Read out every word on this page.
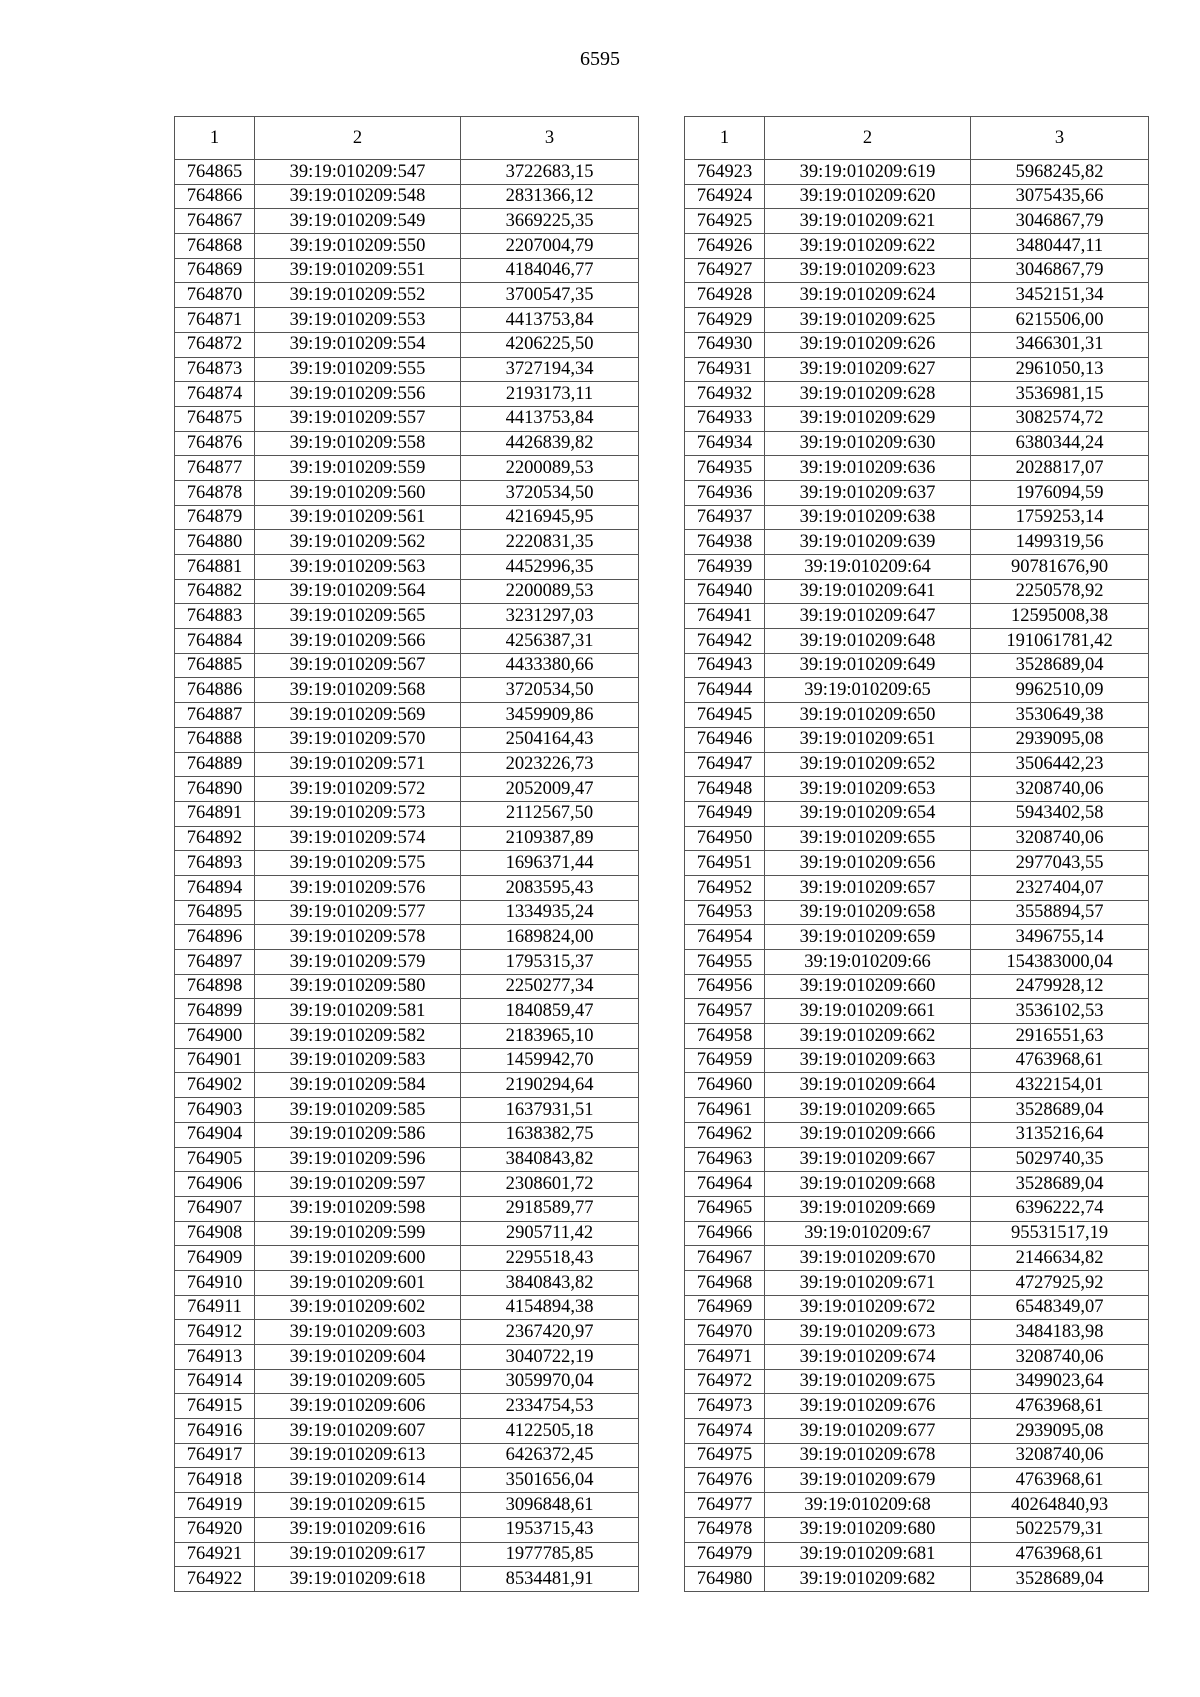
6595
1	2	3
764865	39:19:010209:547	3722683,15
764866	39:19:010209:548	2831366,12
764867	39:19:010209:549	3669225,35
764868	39:19:010209:550	2207004,79
764869	39:19:010209:551	4184046,77
764870	39:19:010209:552	3700547,35
764871	39:19:010209:553	4413753,84
764872	39:19:010209:554	4206225,50
764873	39:19:010209:555	3727194,34
764874	39:19:010209:556	2193173,11
764875	39:19:010209:557	4413753,84
764876	39:19:010209:558	4426839,82
764877	39:19:010209:559	2200089,53
764878	39:19:010209:560	3720534,50
764879	39:19:010209:561	4216945,95
764880	39:19:010209:562	2220831,35
764881	39:19:010209:563	4452996,35
764882	39:19:010209:564	2200089,53
764883	39:19:010209:565	3231297,03
764884	39:19:010209:566	4256387,31
764885	39:19:010209:567	4433380,66
764886	39:19:010209:568	3720534,50
764887	39:19:010209:569	3459909,86
764888	39:19:010209:570	2504164,43
764889	39:19:010209:571	2023226,73
764890	39:19:010209:572	2052009,47
764891	39:19:010209:573	2112567,50
764892	39:19:010209:574	2109387,89
764893	39:19:010209:575	1696371,44
764894	39:19:010209:576	2083595,43
764895	39:19:010209:577	1334935,24
764896	39:19:010209:578	1689824,00
764897	39:19:010209:579	1795315,37
764898	39:19:010209:580	2250277,34
764899	39:19:010209:581	1840859,47
764900	39:19:010209:582	2183965,10
764901	39:19:010209:583	1459942,70
764902	39:19:010209:584	2190294,64
764903	39:19:010209:585	1637931,51
764904	39:19:010209:586	1638382,75
764905	39:19:010209:596	3840843,82
764906	39:19:010209:597	2308601,72
764907	39:19:010209:598	2918589,77
764908	39:19:010209:599	2905711,42
764909	39:19:010209:600	2295518,43
764910	39:19:010209:601	3840843,82
764911	39:19:010209:602	4154894,38
764912	39:19:010209:603	2367420,97
764913	39:19:010209:604	3040722,19
764914	39:19:010209:605	3059970,04
764915	39:19:010209:606	2334754,53
764916	39:19:010209:607	4122505,18
764917	39:19:010209:613	6426372,45
764918	39:19:010209:614	3501656,04
764919	39:19:010209:615	3096848,61
764920	39:19:010209:616	1953715,43
764921	39:19:010209:617	1977785,85
764922	39:19:010209:618	8534481,91
1	2	3
764923	39:19:010209:619	5968245,82
764924	39:19:010209:620	3075435,66
764925	39:19:010209:621	3046867,79
764926	39:19:010209:622	3480447,11
764927	39:19:010209:623	3046867,79
764928	39:19:010209:624	3452151,34
764929	39:19:010209:625	6215506,00
764930	39:19:010209:626	3466301,31
764931	39:19:010209:627	2961050,13
764932	39:19:010209:628	3536981,15
764933	39:19:010209:629	3082574,72
764934	39:19:010209:630	6380344,24
764935	39:19:010209:636	2028817,07
764936	39:19:010209:637	1976094,59
764937	39:19:010209:638	1759253,14
764938	39:19:010209:639	1499319,56
764939	39:19:010209:64	90781676,90
764940	39:19:010209:641	2250578,92
764941	39:19:010209:647	12595008,38
764942	39:19:010209:648	191061781,42
764943	39:19:010209:649	3528689,04
764944	39:19:010209:65	9962510,09
764945	39:19:010209:650	3530649,38
764946	39:19:010209:651	2939095,08
764947	39:19:010209:652	3506442,23
764948	39:19:010209:653	3208740,06
764949	39:19:010209:654	5943402,58
764950	39:19:010209:655	3208740,06
764951	39:19:010209:656	2977043,55
764952	39:19:010209:657	2327404,07
764953	39:19:010209:658	3558894,57
764954	39:19:010209:659	3496755,14
764955	39:19:010209:66	154383000,04
764956	39:19:010209:660	2479928,12
764957	39:19:010209:661	3536102,53
764958	39:19:010209:662	2916551,63
764959	39:19:010209:663	4763968,61
764960	39:19:010209:664	4322154,01
764961	39:19:010209:665	3528689,04
764962	39:19:010209:666	3135216,64
764963	39:19:010209:667	5029740,35
764964	39:19:010209:668	3528689,04
764965	39:19:010209:669	6396222,74
764966	39:19:010209:67	95531517,19
764967	39:19:010209:670	2146634,82
764968	39:19:010209:671	4727925,92
764969	39:19:010209:672	6548349,07
764970	39:19:010209:673	3484183,98
764971	39:19:010209:674	3208740,06
764972	39:19:010209:675	3499023,64
764973	39:19:010209:676	4763968,61
764974	39:19:010209:677	2939095,08
764975	39:19:010209:678	3208740,06
764976	39:19:010209:679	4763968,61
764977	39:19:010209:68	40264840,93
764978	39:19:010209:680	5022579,31
764979	39:19:010209:681	4763968,61
764980	39:19:010209:682	3528689,04
